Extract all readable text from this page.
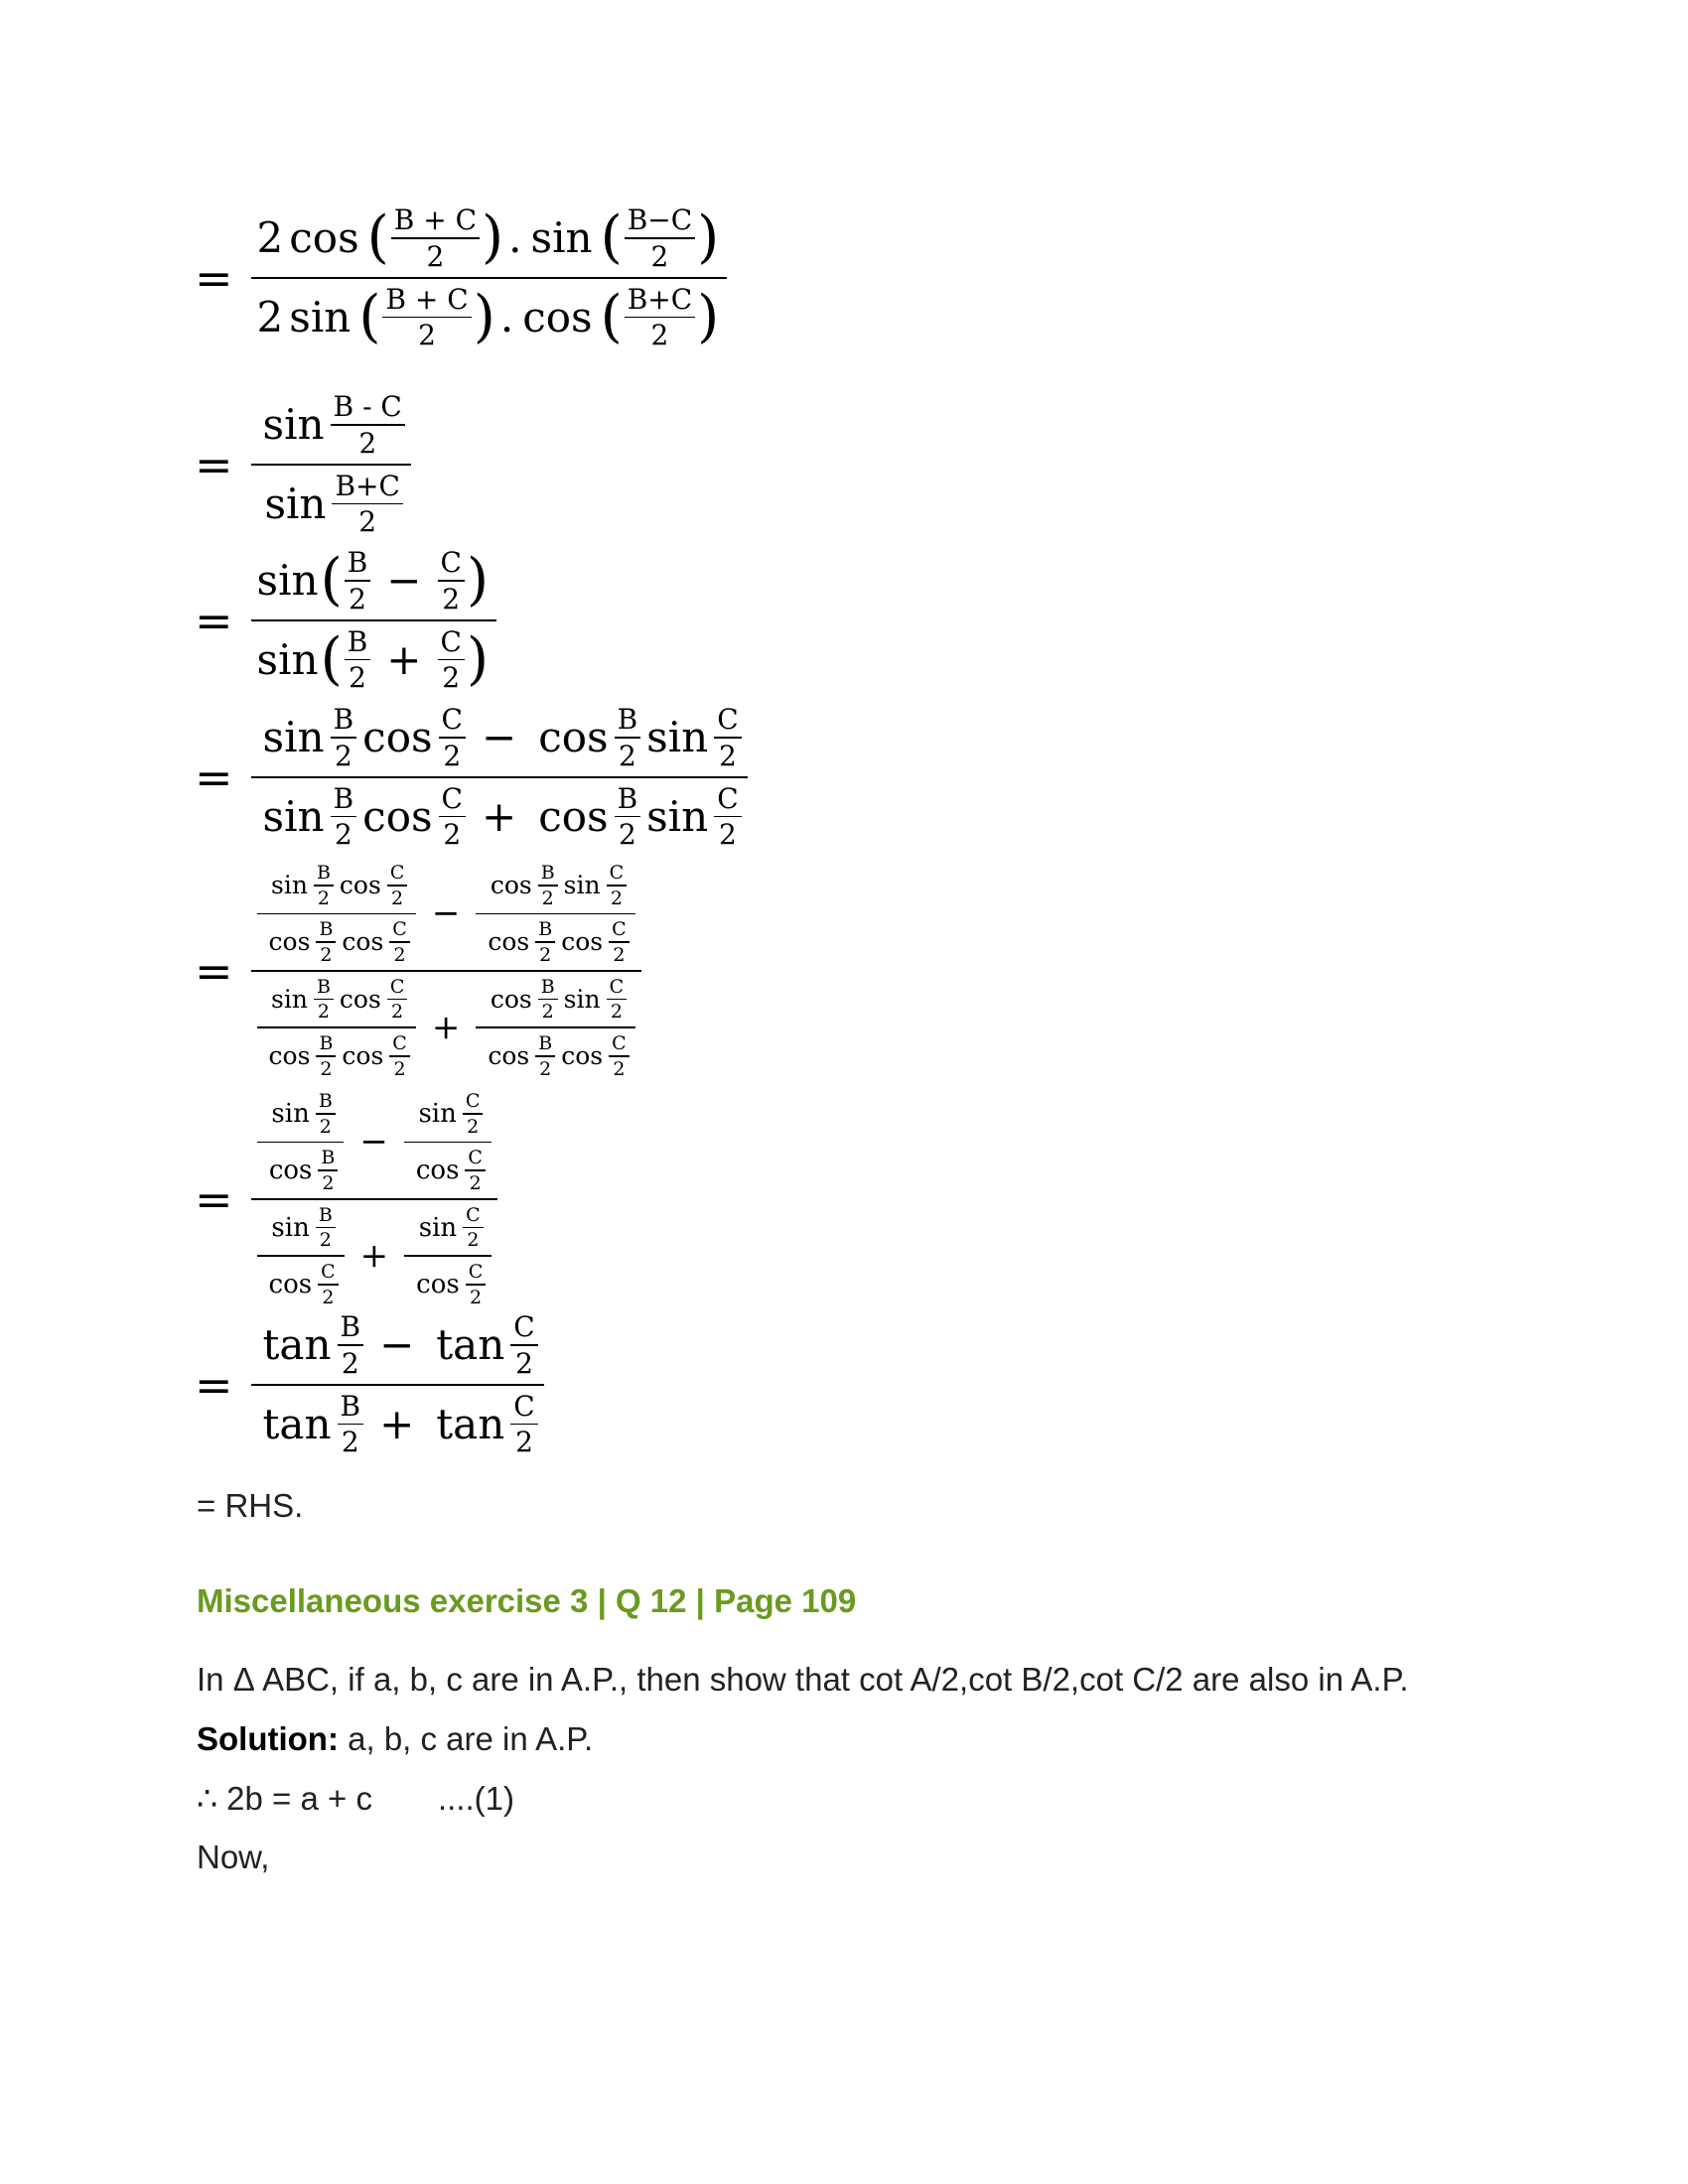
=
2 cos ( $\frac{B + C}{2}$ ) . sin ( $\frac{B-C}{2}$ )
2 sin ( $\frac{B + C}{2}$ ) . cos ( $\frac{B+C}{2}$ )
= $\frac{\sin \frac{B - C}{2}}{\sin \frac{B+C}{2}}$
= $\frac{\sin ( \frac{B}{2} - \frac{C}{2} )}{\sin ( \frac{B}{2} + \frac{C}{2} )}$
= $\frac{\sin \frac{B}{2} \cos \frac{C}{2} - \cos \frac{B}{2} \sin \frac{C}{2}}{\sin \frac{B}{2} \cos \frac{C}{2} + \cos \frac{B}{2} \sin \frac{C}{2}}$
= $\frac{\frac{\sin \frac{B}{2} \cos \frac{C}{2}}{\cos \frac{B}{2} \cos \frac{C}{2}} - \frac{\cos \frac{B}{2} \sin \frac{C}{2}}{\cos \frac{B}{2} \cos \frac{C}{2}}}{\frac{\sin \frac{B}{2} \cos \frac{C}{2}}{\cos \frac{B}{2} \cos \frac{C}{2}} + \frac{\cos \frac{B}{2} \sin \frac{C}{2}}{\cos \frac{B}{2} \cos \frac{C}{2}}}$
= $\frac{\frac{\sin \frac{B}{2}}{\cos \frac{B}{2}} - \frac{\sin \frac{C}{2}}{\cos \frac{C}{2}}}{\frac{\sin \frac{B}{2}}{\cos \frac{C}{2}} + \frac{\sin \frac{C}{2}}{\cos \frac{C}{2}}}$
= $\frac{\tan \frac{B}{2} - \tan \frac{C}{2}}{\tan \frac{B}{2} + \tan \frac{C}{2}}$
= RHS.
Miscellaneous exercise 3 | Q 12 | Page 109
In Δ ABC, if a, b, c are in A.P., then show that cot A/2,cot B/2,cot C/2 are also in A.P.
Solution: a, b, c are in A.P.
∴ 2b = a + c ....(1)
Now,
